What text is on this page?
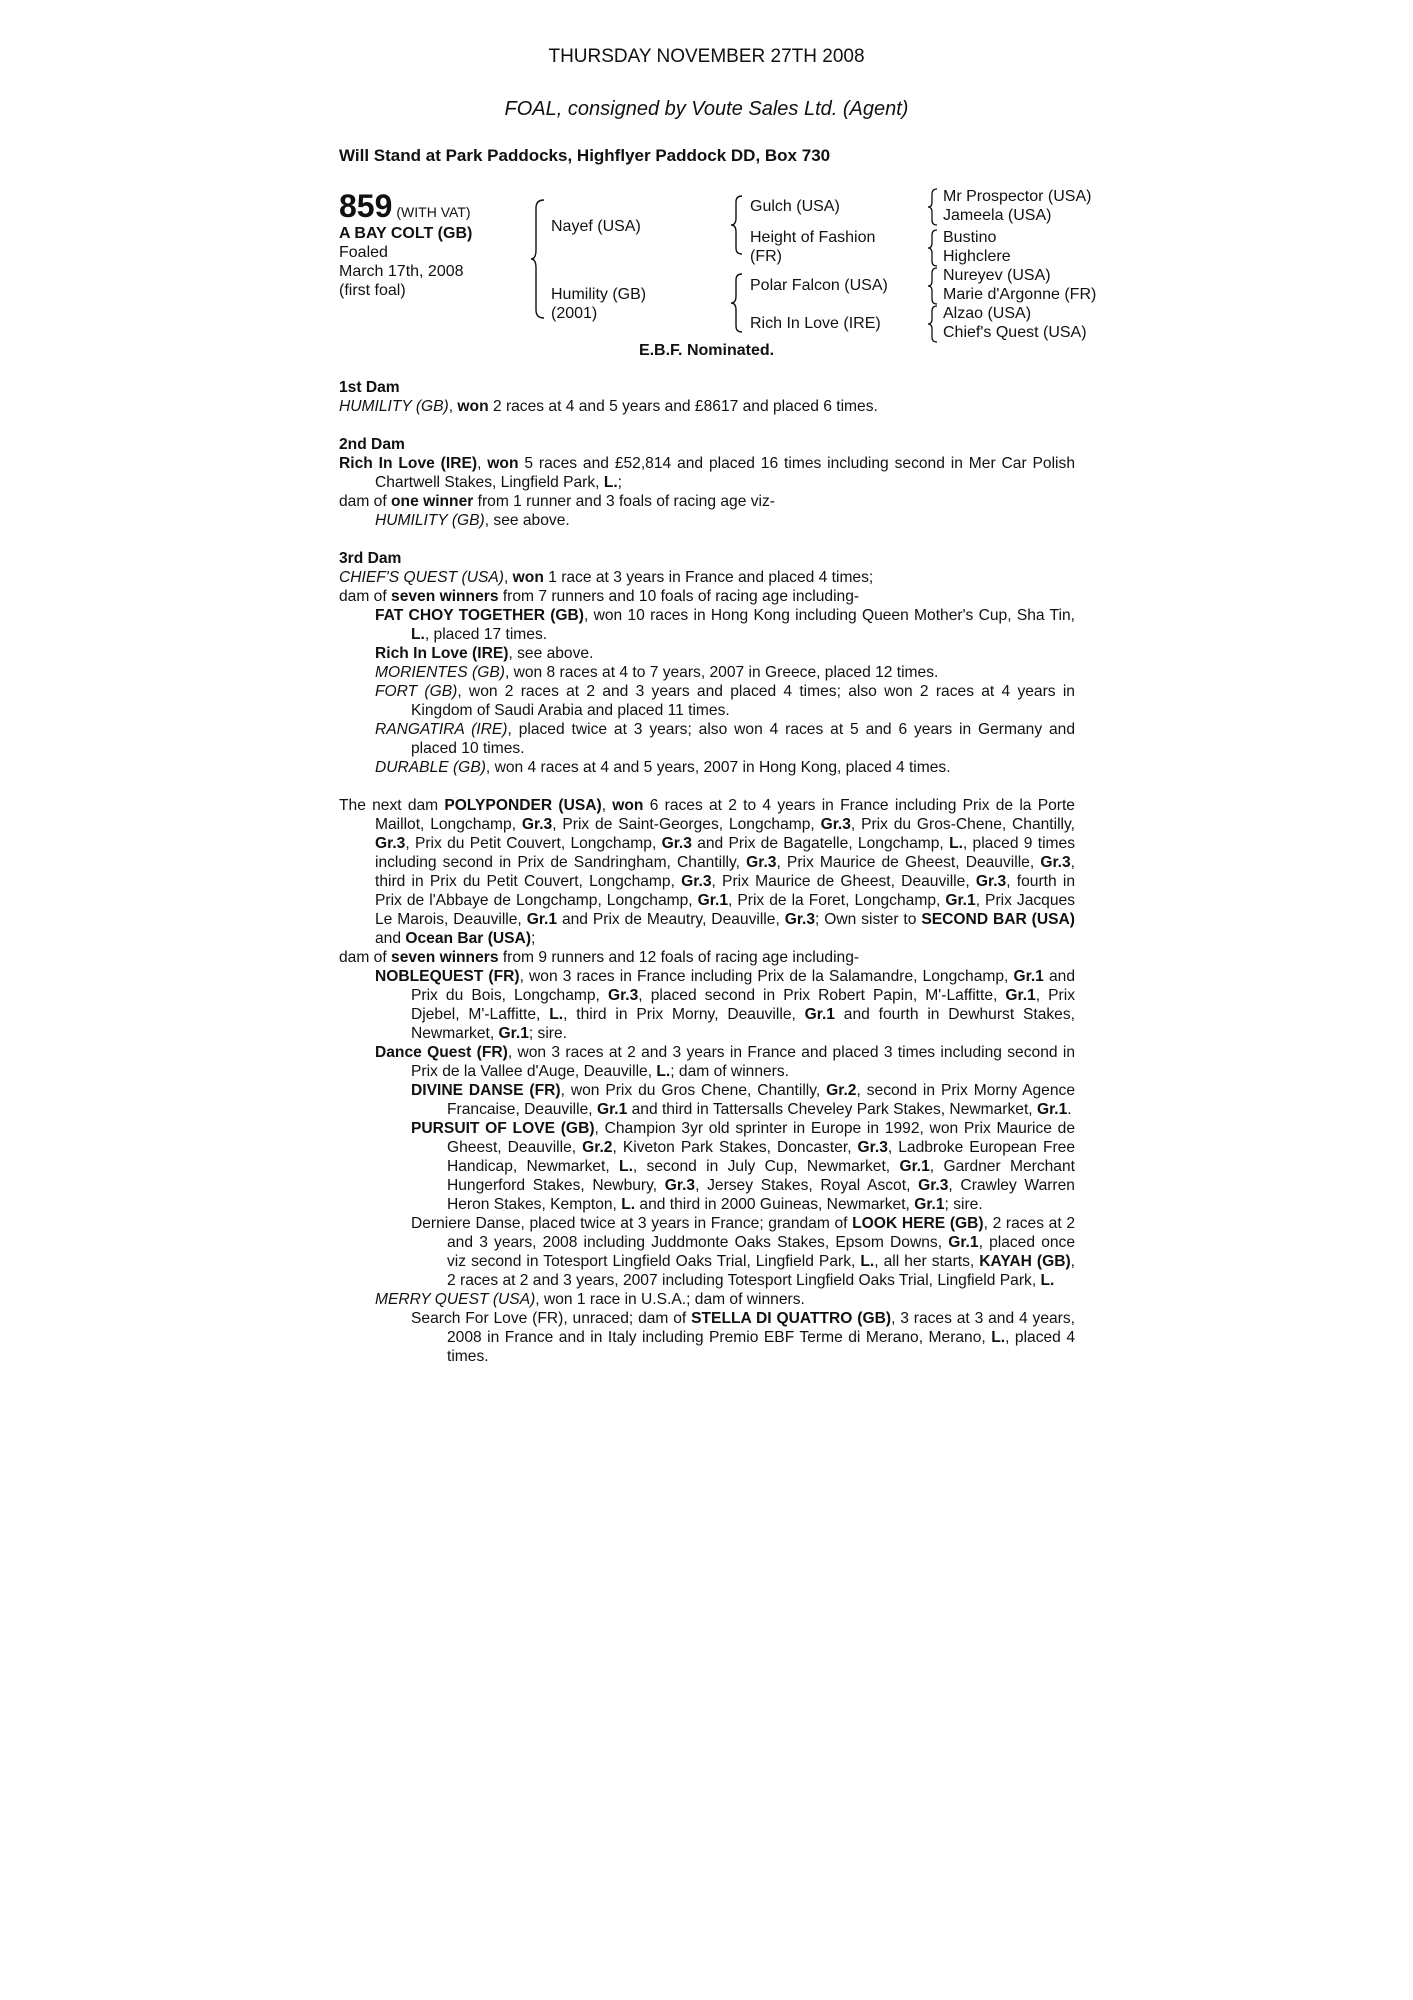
THURSDAY NOVEMBER 27TH 2008
FOAL, consigned by Voute Sales Ltd. (Agent)
Will Stand at Park Paddocks, Highflyer Paddock DD, Box 730
859 (WITH VAT)
A BAY COLT (GB)
Foaled
March 17th, 2008
(first foal)
Nayef (USA)
Humility (GB)
(2001)
Gulch (USA)
Height of Fashion
(FR)
Polar Falcon (USA)
Rich In Love (IRE)
Mr Prospector (USA)
Jameela (USA)
Bustino
Highclere
Nureyev (USA)
Marie d'Argonne (FR)
Alzao (USA)
Chief's Quest (USA)
E.B.F. Nominated.
1st Dam

HUMILITY (GB), won 2 races at 4 and 5 years and £8617 and placed 6 times.

2nd Dam

Rich In Love (IRE), won 5 races and £52,814 and placed 16 times including second in Mer Car Polish Chartwell Stakes, Lingfield Park, L.;

dam of one winner from 1 runner and 3 foals of racing age viz-

HUMILITY (GB), see above.

3rd Dam

CHIEF'S QUEST (USA), won 1 race at 3 years in France and placed 4 times;

dam of seven winners from 7 runners and 10 foals of racing age including-

FAT CHOY TOGETHER (GB), won 10 races in Hong Kong including Queen Mother's Cup, Sha Tin, L., placed 17 times.

Rich In Love (IRE), see above.

MORIENTES (GB), won 8 races at 4 to 7 years, 2007 in Greece, placed 12 times.

FORT (GB), won 2 races at 2 and 3 years and placed 4 times; also won 2 races at 4 years in Kingdom of Saudi Arabia and placed 11 times.

RANGATIRA (IRE), placed twice at 3 years; also won 4 races at 5 and 6 years in Germany and placed 10 times.

DURABLE (GB), won 4 races at 4 and 5 years, 2007 in Hong Kong, placed 4 times.

The next dam POLYPONDER (USA), won 6 races at 2 to 4 years in France including Prix de la Porte Maillot, Longchamp, Gr.3, Prix de Saint-Georges, Longchamp, Gr.3, Prix du Gros-Chene, Chantilly, Gr.3, Prix du Petit Couvert, Longchamp, Gr.3 and Prix de Bagatelle, Longchamp, L., placed 9 times including second in Prix de Sandringham, Chantilly, Gr.3, Prix Maurice de Gheest, Deauville, Gr.3, third in Prix du Petit Couvert, Longchamp, Gr.3, Prix Maurice de Gheest, Deauville, Gr.3, fourth in Prix de l'Abbaye de Longchamp, Longchamp, Gr.1, Prix de la Foret, Longchamp, Gr.1, Prix Jacques Le Marois, Deauville, Gr.1 and Prix de Meautry, Deauville, Gr.3; Own sister to SECOND BAR (USA) and Ocean Bar (USA);

dam of seven winners from 9 runners and 12 foals of racing age including-

NOBLEQUEST (FR), won 3 races in France including Prix de la Salamandre, Longchamp, Gr.1 and Prix du Bois, Longchamp, Gr.3, placed second in Prix Robert Papin, M'-Laffitte, Gr.1, Prix Djebel, M'-Laffitte, L., third in Prix Morny, Deauville, Gr.1 and fourth in Dewhurst Stakes, Newmarket, Gr.1; sire.

Dance Quest (FR), won 3 races at 2 and 3 years in France and placed 3 times including second in Prix de la Vallee d'Auge, Deauville, L.; dam of winners.

DIVINE DANSE (FR), won Prix du Gros Chene, Chantilly, Gr.2, second in Prix Morny Agence Francaise, Deauville, Gr.1 and third in Tattersalls Cheveley Park Stakes, Newmarket, Gr.1.

PURSUIT OF LOVE (GB), Champion 3yr old sprinter in Europe in 1992, won Prix Maurice de Gheest, Deauville, Gr.2, Kiveton Park Stakes, Doncaster, Gr.3, Ladbroke European Free Handicap, Newmarket, L., second in July Cup, Newmarket, Gr.1, Gardner Merchant Hungerford Stakes, Newbury, Gr.3, Jersey Stakes, Royal Ascot, Gr.3, Crawley Warren Heron Stakes, Kempton, L. and third in 2000 Guineas, Newmarket, Gr.1; sire.

Derniere Danse, placed twice at 3 years in France; grandam of LOOK HERE (GB), 2 races at 2 and 3 years, 2008 including Juddmonte Oaks Stakes, Epsom Downs, Gr.1, placed once viz second in Totesport Lingfield Oaks Trial, Lingfield Park, L., all her starts, KAYAH (GB), 2 races at 2 and 3 years, 2007 including Totesport Lingfield Oaks Trial, Lingfield Park, L.

MERRY QUEST (USA), won 1 race in U.S.A.; dam of winners.

Search For Love (FR), unraced; dam of STELLA DI QUATTRO (GB), 3 races at 3 and 4 years, 2008 in France and in Italy including Premio EBF Terme di Merano, Merano, L., placed 4 times.
